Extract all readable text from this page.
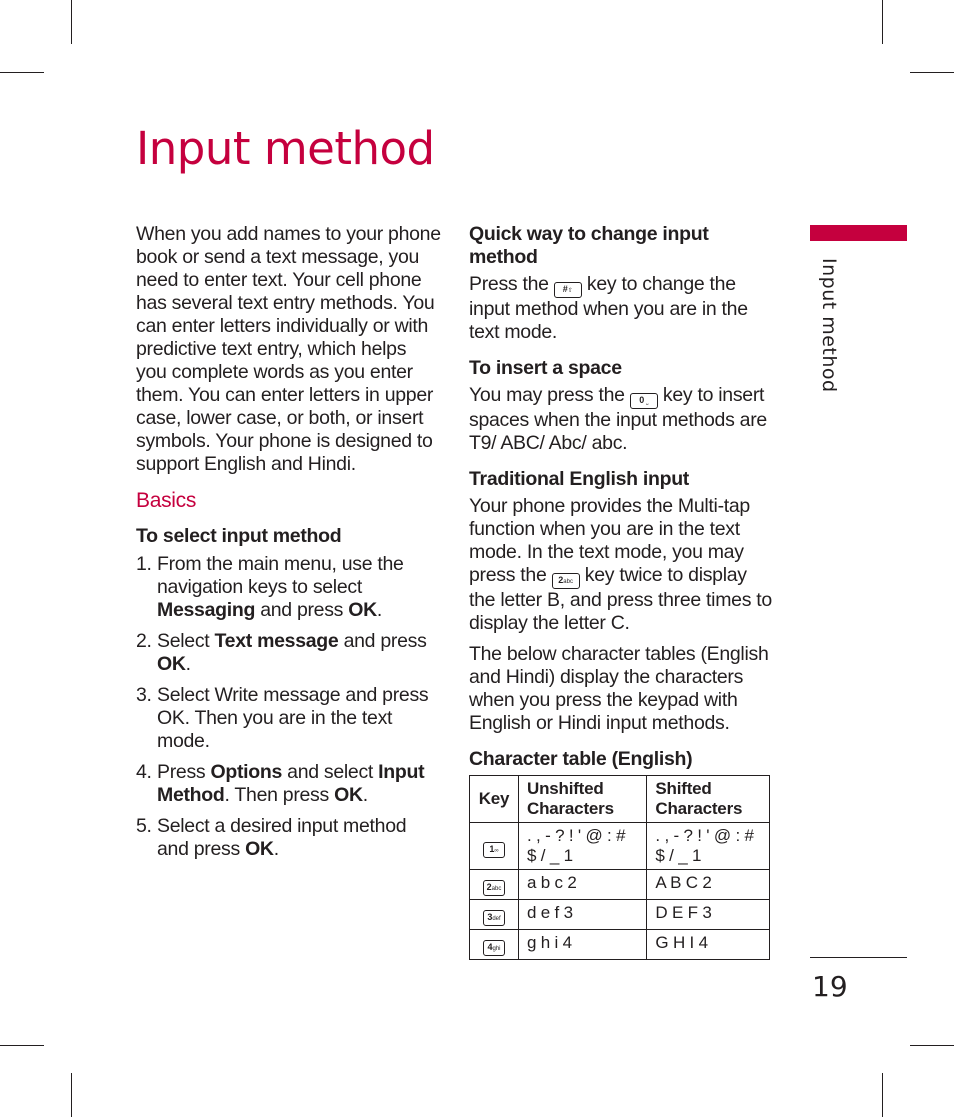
Input method

When you add names to your phone book or send a text message, you need to enter text. Your cell phone has several text entry methods. You can enter letters individually or with predictive text entry, which helps you complete words as you enter them. You can enter letters in upper case, lower case, or both, or insert symbols. Your phone is designed to support English and Hindi.

Basics

To select input method

1. From the main menu, use the navigation keys to select Messaging and press OK.
2. Select Text message and press OK.
3. Select Write message and press OK. Then you are in the text mode.
4. Press Options and select Input Method. Then press OK.
5. Select a desired input method and press OK.

Quick way to change input method

Press the #⇧ key to change the input method when you are in the text mode.

To insert a space

You may press the 0 ⎵ key to insert spaces when the input methods are T9/ ABC/ Abc/ abc.

Traditional English input

Your phone provides the Multi-tap function when you are in the text mode. In the text mode, you may press the 2abc key twice to display the letter B, and press three times to display the letter C.

The below character tables (English and Hindi) display the characters when you press the keypad with English or Hindi input methods.

Character table (English)

Key	Unshifted Characters	Shifted Characters
1∞	. , - ? ! ' @ : # $ / _ 1	. , - ? ! ' @ : # $ / _ 1
2abc	a b c 2	A B C 2
3def	d e f 3	D E F 3
4ghi	g h i 4	G H I 4
Input method
19
